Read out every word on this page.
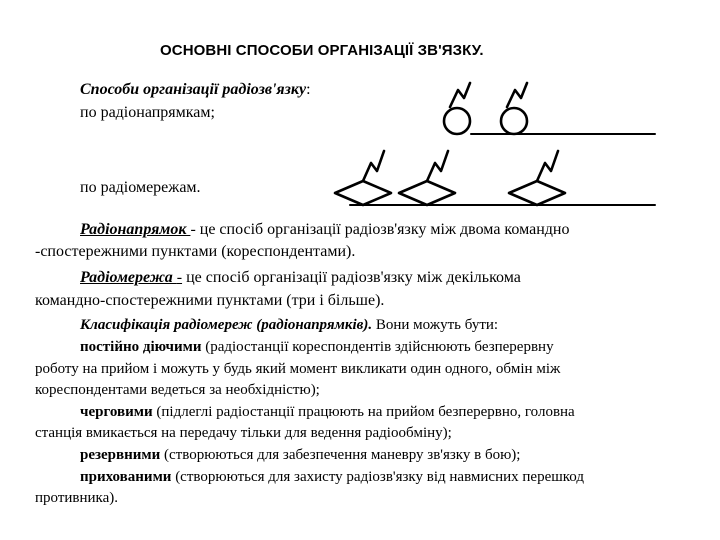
ОСНОВНІ СПОСОБИ ОРГАНІЗАЦІЇ ЗВ'ЯЗКУ.
Способи організації радіозв'язку:
по радіонапрямкам;
по радіомережам.
Радіонапрямок - це спосіб організації радіозв'язку між двома командно
-спостережними пунктами (кореспондентами).
Радіомережа - це спосіб організації радіозв'язку між декількома
командно-спостережними пунктами (три і більше).
Класифікація радіомереж (радіонапрямків). Вони можуть бути:
постійно діючими (радіостанції кореспондентів здійснюють безперервну
роботу на прийом і можуть у будь який момент викликати один одного, обмін між
кореспондентами ведеться за необхідністю);
черговими (підлеглі радіостанції працюють на прийом безперервно, головна
станція вмикається на передачу тільки для ведення радіообміну);
резервними (створюються для забезпечення маневру зв'язку в бою);
прихованими (створюються для захисту радіозв'язку від навмисних перешкод
противника).
